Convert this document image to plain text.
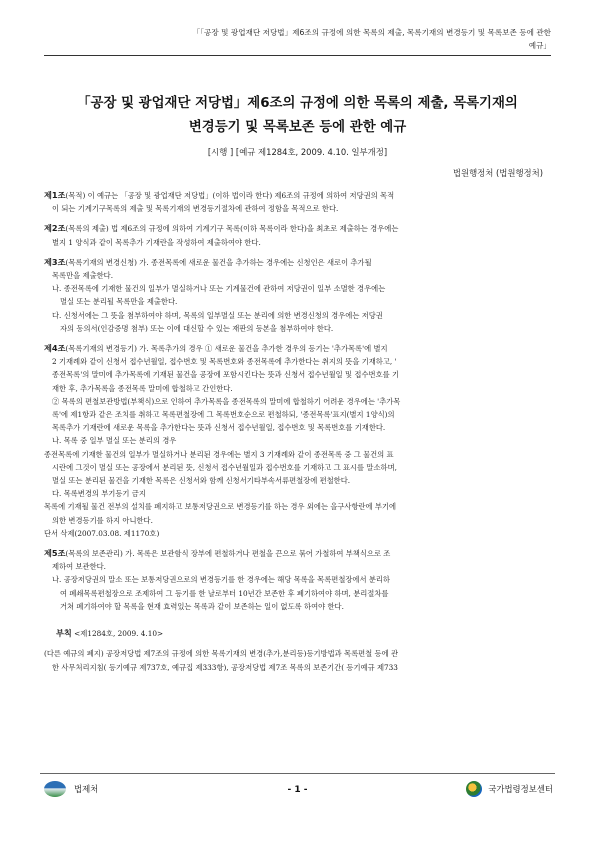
「「공장 및 광업재단 저당법」제6조의 규정에 의한 목록의 제출, 목록기재의 변경등기 및 목록보존 등에 관한
예규」
「공장 및 광업재단 저당법」제6조의 규정에 의한 목록의 제출, 목록기재의
변경등기 및 목록보존 등에 관한 예규
[시행 ] [예규 제1284호, 2009. 4.10. 일부개정]
법원행정처 (법원행정처)

제1조(목적) 이 예규는 「공장 및 광업재단 저당법」(이하 법이라 한다) 제6조의 규정에 의하여 저당권의 목적

이 되는 기계기구목록의 제출 및 목록기재의 변경등기절차에 관하여 정함을 목적으로 한다.

제2조(목록의 제출) 법 제6조의 규정에 의하여 기계기구 목록(이하 목록이라 한다)을 최초로 제출하는 경우에는

별지 1 양식과 같이 목록추가 기재란을 작성하여 제출하여야 한다.

제3조(목록기재의 변경신청) 가. 종전목록에 새로운 물건을 추가하는 경우에는 신청인은 새로이 추가될

목록만을 제출한다.

나. 종전목록에 기재한 물건의 일부가 멸실하거나 또는 기계물건에 관하여 저당권이 일부 소멸한 경우에는

멸실 또는 분리될 목록만을 제출한다.

다. 신청서에는 그 뜻을 첨부하여야 하며, 목록의 일부멸실 또는 분리에 의한 변경신청의 경우에는 저당권

자의 동의서(인감증명 첨부) 또는 이에 대신할 수 있는 재판의 등본을 첨부하여야 한다.

제4조(목록기재의 변경등기) 가. 목록추가의 경우 ① 새로운 물건을 추가한 경우의 등기는 '추가목록'에 별지

2 기재례와 같이 신청서 접수년월일, 접수번호 및 목록번호와 종전목록에 추가한다는 취지의 뜻을 기재하고, '

종전목록'의 말미에 추가목록에 기재된 물건을 공장에 포함시킨다는 뜻과 신청서 접수년월일 및 접수번호를 기

재한 후, 추가목록을 종전목록 말미에 합철하고 간인한다.

② 목록의 편철보관방법(부책식)으로 인하여 추가목록을 종전목록의 말미에 합철하기 어려운 경우에는 '추가목

록'에 제1항과 같은 조치를 취하고 목록편철장에 그 목록번호순으로 편철하되, '종전목록'표지(별지 1양식)의

목록추가 기재란에 새로운 목록을 추가한다는 뜻과 신청서 접수년월일, 접수번호 및 목록번호를 기재한다.

나. 목록 중 일부 멸실 또는 분리의 경우

종전목록에 기재한 물건의 일부가 멸실하거나 분리된 경우에는 별지 3 기재례와 같이 종전목록 중 그 물건의 표

시란에 그것이 멸실 또는 공장에서 분리된 뜻, 신청서 접수년월일과 접수번호를 기재하고 그 표시를 말소하며,

멸실 또는 분리된 물건을 기재한 목록은 신청서와 함께 신청서기타부속서류편철장에 편철한다.

다. 목록변경의 부기등기 금지

목록에 기재될 물건 전부의 설치를 폐지하고 보통저당권으로 변경등기를 하는 경우 외에는 을구사항란에 부기에

의한 변경등기를 하지 아니한다.

단서 삭제(2007.03.08. 제1170호)

제5조(목록의 보존관리) 가. 목록은 보관함식 장부에 편철하거나 편철을 끈으로 묶어 가철하여 부책식으로 조

제하여 보관한다.

나. 공장저당권의 말소 또는 보통저당권으로의 변경등기를 한 경우에는 해당 목록을 목록편철장에서 분리하

여 폐쇄목록편철장으로 조제하여 그 등기를 한 날로부터 10년간 보존한 후 폐기하여야 하며, 분리절차를

거쳐 폐기하여야 할 목록을 현재 효력있는 목록과 같이 보존하는 일이 없도록 하여야 한다.

부칙 <제1284호, 2009. 4.10>

(다른 예규의 폐지) 공장저당법 제7조의 규정에 의한 목록기재의 변경(추가,분리등)등기방법과 목록편철 등에 관

한 사무처리지침( 등기예규 제737호, 예규집 제333항), 공장저당법 제7조 목록의 보존기간( 등기예규 제733

법제처	- 1 -	국가법령정보센터
